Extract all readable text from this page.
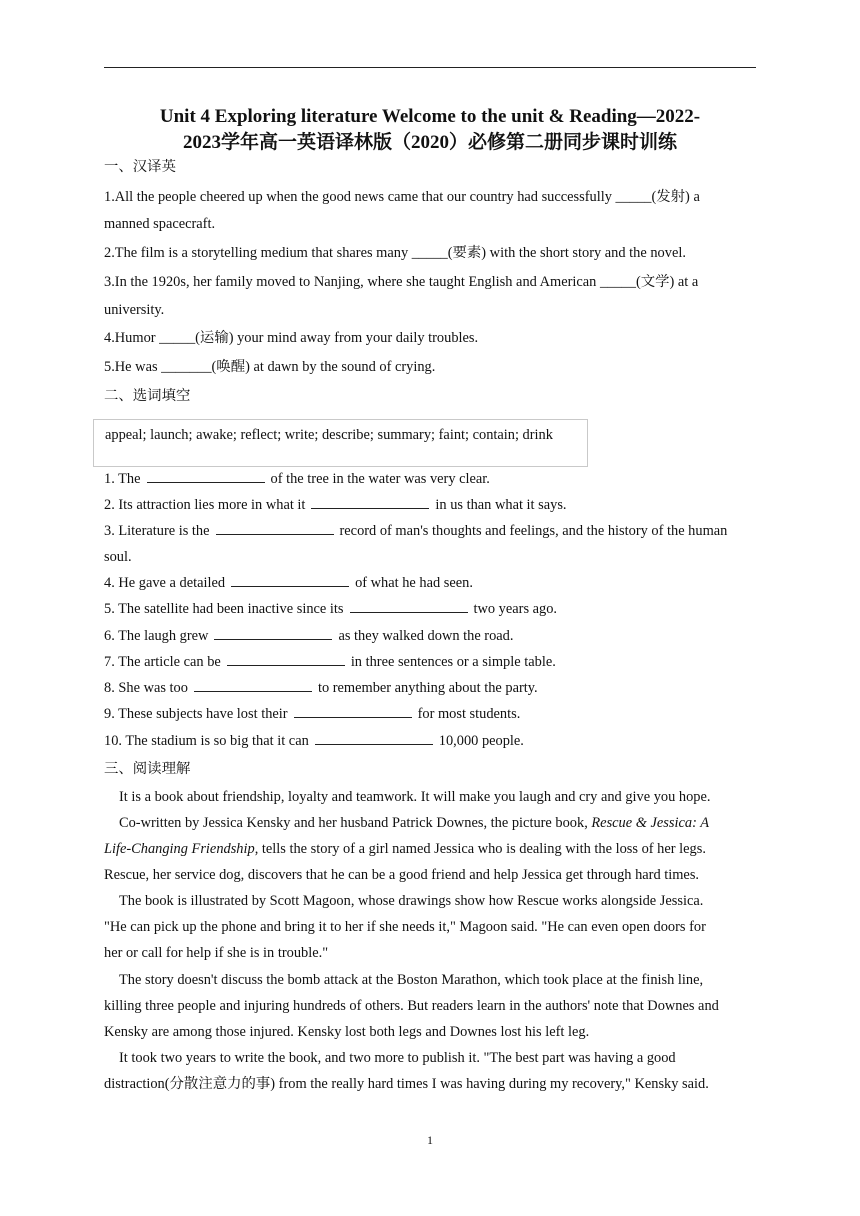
Unit 4 Exploring literature Welcome to the unit & Reading—2022-
2023学年高一英语译林版（2020）必修第二册同步课时训练
一、汉译英
1.All the people cheered up when the good news came that our country had successfully _____(发射) a
manned spacecraft.
2.The film is a storytelling medium that shares many _____(要素) with the short story and the novel.
3.In the 1920s, her family moved to Nanjing, where she taught English and American _____(文学) at a
university.
4.Humor _____(运输) your mind away from your daily troubles.
5.He was _______(唤醒) at dawn by the sound of crying.
二、选词填空
appeal; launch; awake; reflect; write; describe; summary; faint; contain; drink
1. The	of the tree in the water was very clear.
2. Its attraction lies more in what it	in us than what it says.
3. Literature is the	record of man's thoughts and feelings, and the history of the human
soul.
4. He gave a detailed	of what he had seen.
5. The satellite had been inactive since its	two years ago.
6. The laugh grew	as they walked down the road.
7. The article can be	in three sentences or a simple table.
8. She was too	to remember anything about the party.
9. These subjects have lost their	for most students.
10. The stadium is so big that it can	10,000 people.
三、阅读理解
It is a book about friendship, loyalty and teamwork. It will make you laugh and cry and give you hope.
Co-written by Jessica Kensky and her husband Patrick Downes, the picture book, Rescue & Jessica: A
Life-Changing Friendship, tells the story of a girl named Jessica who is dealing with the loss of her legs.
Rescue, her service dog, discovers that he can be a good friend and help Jessica get through hard times.
The book is illustrated by Scott Magoon, whose drawings show how Rescue works alongside Jessica.
"He can pick up the phone and bring it to her if she needs it," Magoon said. "He can even open doors for
her or call for help if she is in trouble."
The story doesn't discuss the bomb attack at the Boston Marathon, which took place at the finish line,
killing three people and injuring hundreds of others. But readers learn in the authors' note that Downes and
Kensky are among those injured. Kensky lost both legs and Downes lost his left leg.
It took two years to write the book, and two more to publish it. "The best part was having a good
distraction(分散注意力的事) from the really hard times I was having during my recovery," Kensky said.
1
